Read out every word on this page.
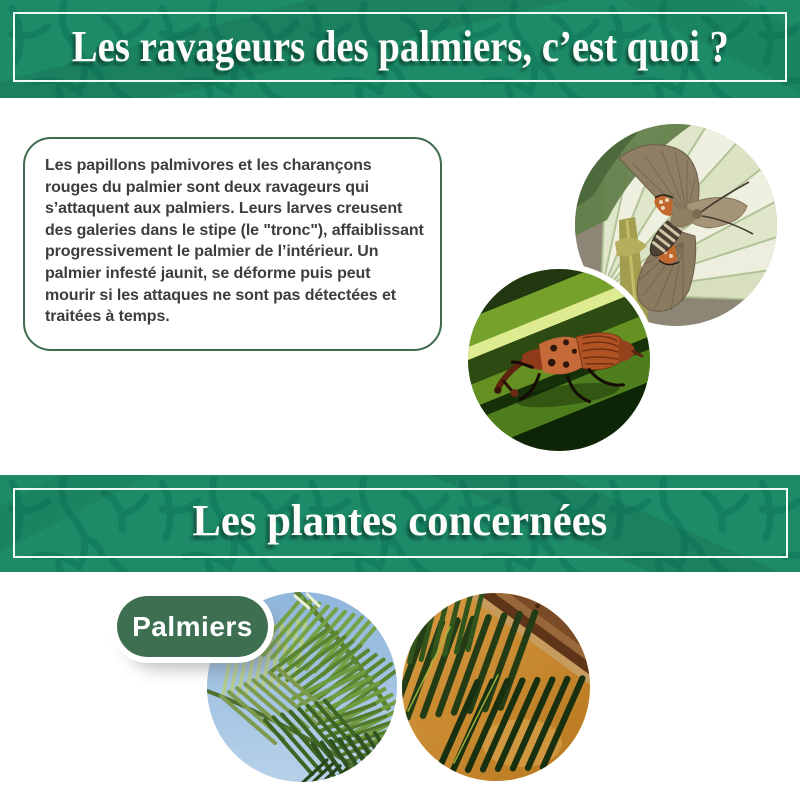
Les ravageurs des palmiers, c’est quoi ?

Les papillons palmivores et les charançons rouges du palmier sont deux ravageurs qui s’attaquent aux palmiers. Leurs larves creusent des galeries dans le stipe (le "tronc"), affaiblissant progressivement le palmier de l’intérieur. Un palmier infesté jaunit, se déforme puis peut mourir si les attaques ne sont pas détectées et traitées à temps.

Les plantes concernées
Palmiers
